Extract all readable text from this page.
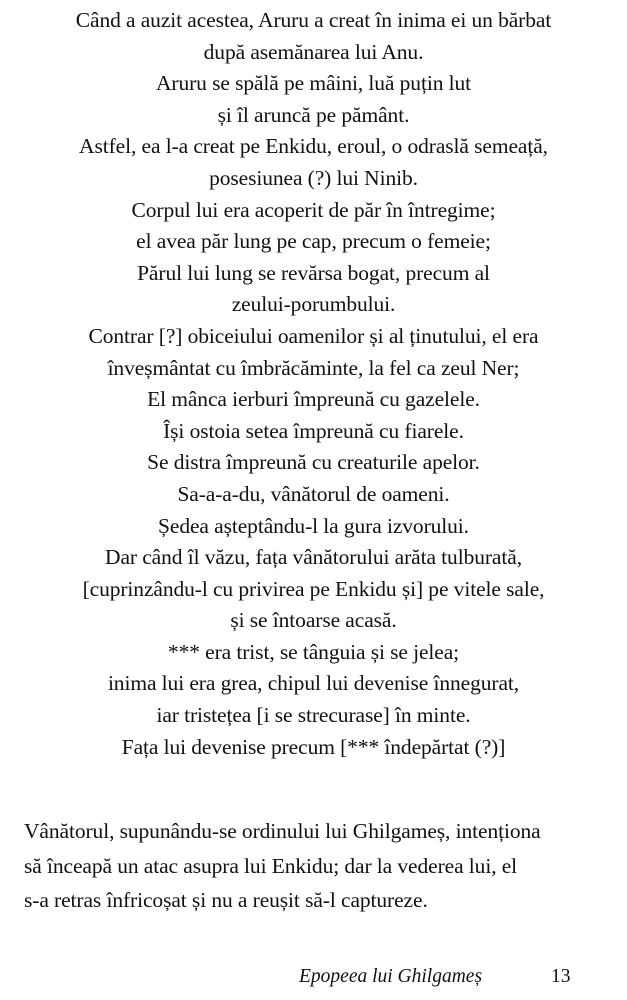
Când a auzit acestea, Aruru a creat în inima ei un bărbat
după asemănarea lui Anu.
Aruru se spălă pe mâini, luă puțin lut
și îl aruncă pe pământ.
Astfel, ea l-a creat pe Enkidu, eroul, o odraslă semeață,
posesiunea (?) lui Ninib.
Corpul lui era acoperit de păr în întregime;
el avea păr lung pe cap, precum o femeie;
Părul lui lung se revărsa bogat, precum al
zeului-porumbului.
Contrar [?] obiceiului oamenilor și al ținutului, el era
înveșmântat cu îmbrăcăminte, la fel ca zeul Ner;
El mânca ierburi împreună cu gazelele.
Își ostoia setea împreună cu fiarele.
Se distra împreună cu creaturile apelor.
Sa-a-a-du, vânătorul de oameni.
Ședea așteptându-l la gura izvorului.
Dar când îl văzu, fața vânătorului arăta tulburată,
[cuprinzându-l cu privirea pe Enkidu și] pe vitele sale,
și se întoarse acasă.
*** era trist, se tânguia și se jelea;
inima lui era grea, chipul lui devenise înnegurat,
iar tristețea [i se strecurase] în minte.
Fața lui devenise precum [*** îndepărtat (?)]
Vânătorul, supunându-se ordinului lui Ghilgameș, intenționa
să înceapă un atac asupra lui Enkidu; dar la vederea lui, el
s-a retras înfricoșat și nu a reușit să-l captureze.
Epopeea lui Ghilgameș	13
